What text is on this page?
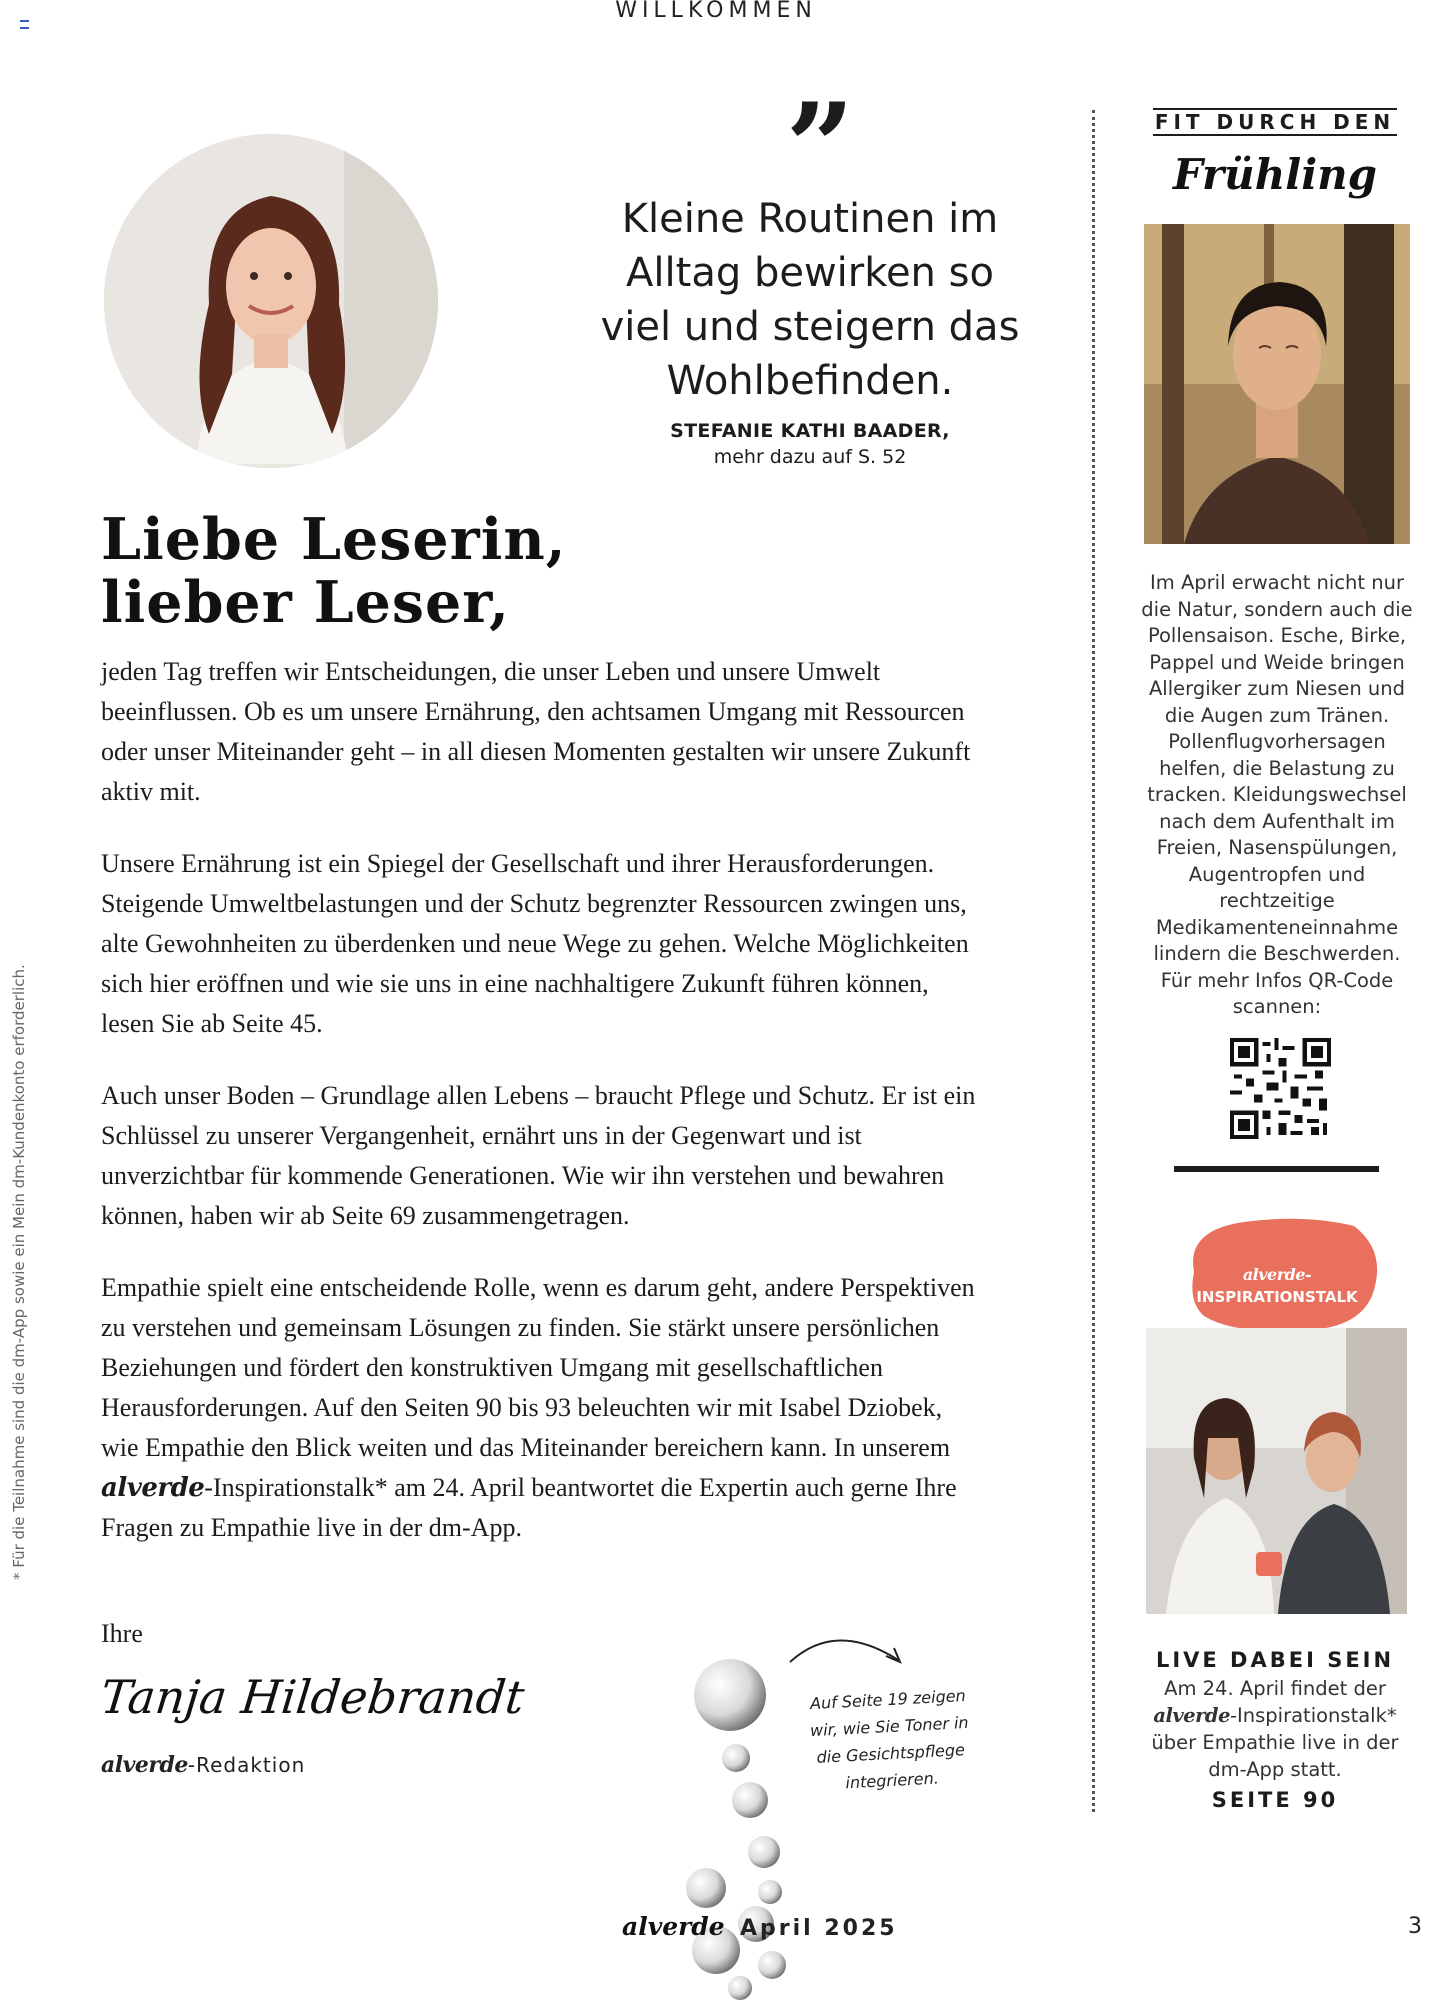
WILLKOMMEN
* Für die Teilnahme sind die dm-App sowie ein Mein dm-Kundenkonto erforderlich.
”
Kleine Routinen im Alltag bewirken so viel und steigern das Wohlbefinden.
STEFANIE KATHI BAADER,
mehr dazu auf S. 52
Liebe Leserin,
lieber Leser,

jeden Tag treffen wir Entscheidungen, die unser Leben und unsere Umwelt beeinflussen. Ob es um unsere Ernährung, den achtsamen Umgang mit Ressourcen oder unser Miteinander geht – in all diesen Momenten gestalten wir unsere Zukunft aktiv mit.

Unsere Ernährung ist ein Spiegel der Gesellschaft und ihrer Herausforderungen. Steigende Umweltbelastungen und der Schutz begrenzter Ressourcen zwingen uns, alte Gewohnheiten zu überdenken und neue Wege zu gehen. Welche Möglichkeiten sich hier eröffnen und wie sie uns in eine nachhaltigere Zukunft führen können, lesen Sie ab Seite 45.

Auch unser Boden – Grundlage allen Lebens – braucht Pflege und Schutz. Er ist ein Schlüssel zu unserer Vergangenheit, ernährt uns in der Gegenwart und ist unverzichtbar für kommende Generationen. Wie wir ihn verstehen und bewahren können, haben wir ab Seite 69 zusammengetragen.

Empathie spielt eine entscheidende Rolle, wenn es darum geht, andere Perspektiven zu verstehen und gemeinsam Lösungen zu finden. Sie stärkt unsere persönlichen Beziehungen und fördert den konstruktiven Umgang mit gesellschaftlichen Herausforderungen. Auf den Seiten 90 bis 93 beleuchten wir mit Isabel Dziobek, wie Empathie den Blick weiten und das Miteinander bereichern kann. In unserem alverde-Inspirationstalk* am 24. April beantwortet die Expertin auch gerne Ihre Fragen zu Empathie live in der dm-App.

Ihre
Tanja Hildebrandt
alverde-Redaktion
Auf Seite 19 zeigen wir, wie Sie Toner in die Gesichtspflege integrieren.
alverde April 2025	3
FIT DURCH DEN
Frühling
Im April erwacht nicht nur die Natur, sondern auch die Pollensaison. Esche, Birke, Pappel und Weide bringen Allergiker zum Niesen und die Augen zum Tränen. Pollenflugvorhersagen helfen, die Belastung zu tracken. Kleidungswechsel nach dem Aufenthalt im Freien, Nasenspülungen, Augentropfen und rechtzeitige Medikamenteneinnahme lindern die Beschwerden. Für mehr Infos QR-Code scannen:
alverde-
INSPIRATIONSTALK
LIVE DABEI SEIN
Am 24. April findet der alverde-Inspirationstalk* über Empathie live in der dm-App statt.
SEITE 90
